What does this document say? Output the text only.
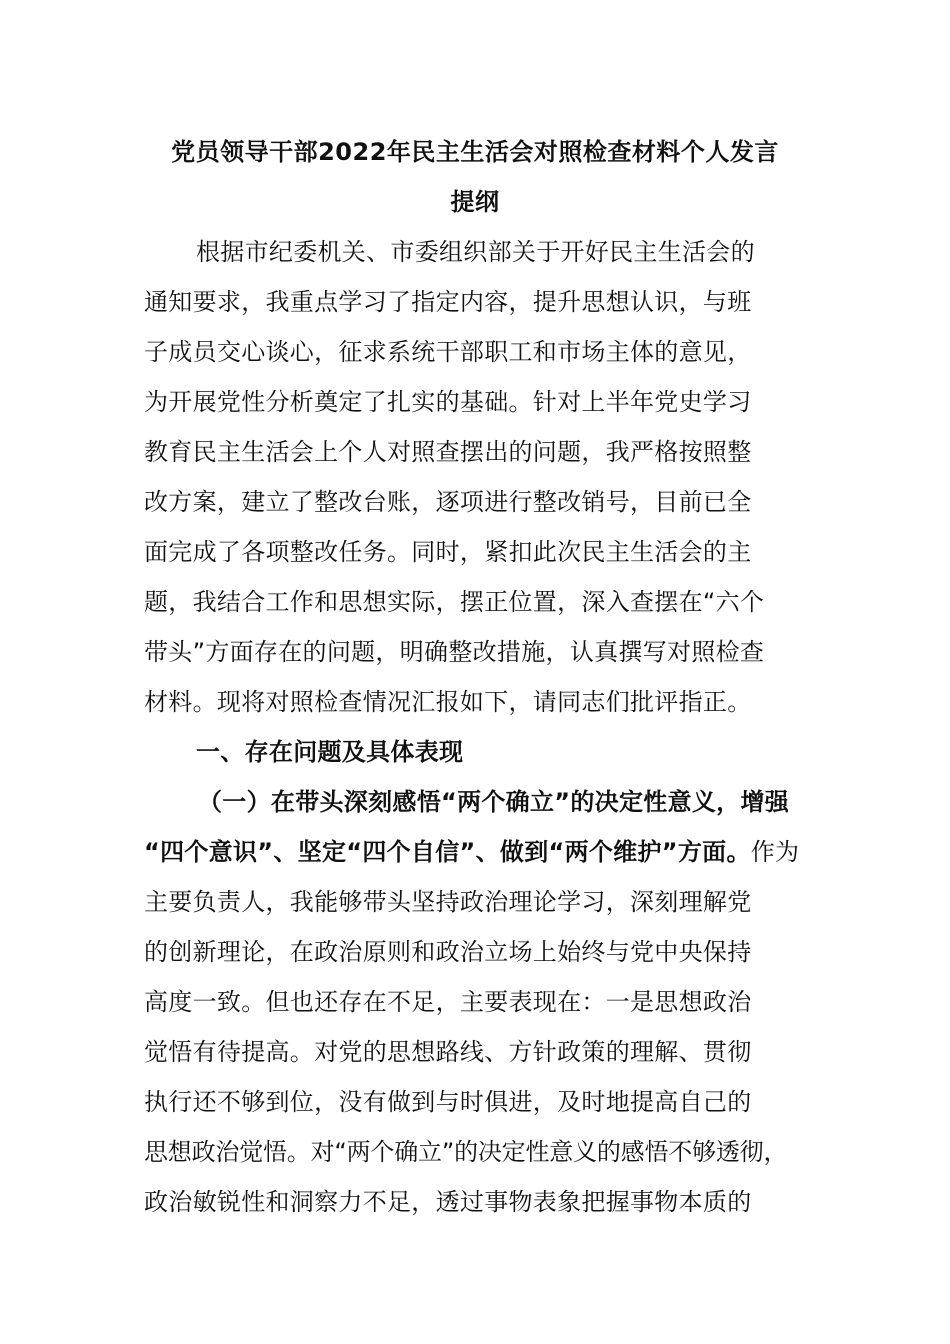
党员领导干部2022年民主生活会对照检查材料个人发言
提纲
根据市纪委机关、市委组织部关于开好民主生活会的
通知要求，我重点学习了指定内容，提升思想认识，与班
子成员交心谈心，征求系统干部职工和市场主体的意见，
为开展党性分析奠定了扎实的基础。针对上半年党史学习
教育民主生活会上个人对照查摆出的问题，我严格按照整
改方案，建立了整改台账，逐项进行整改销号，目前已全
面完成了各项整改任务。同时，紧扣此次民主生活会的主
题，我结合工作和思想实际，摆正位置，深入查摆在“六个
带头”方面存在的问题，明确整改措施，认真撰写对照检查
材料。现将对照检查情况汇报如下，请同志们批评指正。
一、存在问题及具体表现
（一）在带头深刻感悟“两个确立”的决定性意义，增强
“四个意识”、坚定“四个自信”、做到“两个维护”方面。作为
主要负责人，我能够带头坚持政治理论学习，深刻理解党
的创新理论，在政治原则和政治立场上始终与党中央保持
高度一致。但也还存在不足，主要表现在：一是思想政治
觉悟有待提高。对党的思想路线、方针政策的理解、贯彻
执行还不够到位，没有做到与时俱进，及时地提高自己的
思想政治觉悟。对“两个确立”的决定性意义的感悟不够透彻，
政治敏锐性和洞察力不足，透过事物表象把握事物本质的
